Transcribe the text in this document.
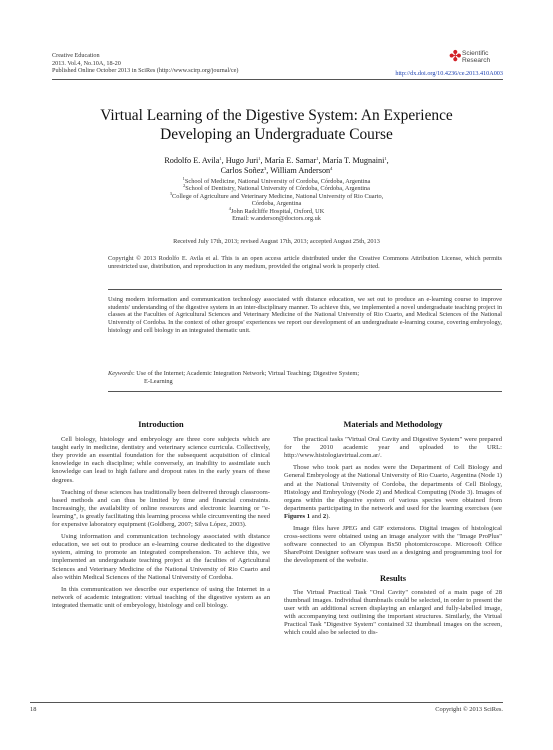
Creative Education
2013. Vol.4, No.10A, 18-20
Published Online October 2013 in SciRes (http://www.scirp.org/journal/ce)
✤ Scientific
Research
http://dx.doi.org/10.4236/ce.2013.410A003
Virtual Learning of the Digestive System: An Experience
Developing an Undergraduate Course
Rodolfo E. Avila$^1$, Hugo Juri$^1$, María E. Samar$^1$, María T. Mugnaini$^1$,
Carlos Soñez$^3$, William Anderson$^4$
$^1$School of Medicine, National University of Cordoba, Córdoba, Argentina
$^2$School of Dentistry, National University of Córdoba, Córdoba, Argentina
$^3$College of Agriculture and Veterinary Medicine, National University of Rio Cuarto,
Córdoba, Argentina
$^4$John Radcliffe Hospital, Oxford, UK
Email: w.anderson@doctors.org.uk
Received July 17th, 2013; revised August 17th, 2013; accepted August 25th, 2013
Copyright © 2013 Rodolfo E. Avila et al. This is an open access article distributed under the Creative Commons Attribution License, which permits unrestricted use, distribution, and reproduction in any medium, provided the original work is properly cited.
Using modern information and communication technology associated with distance education, we set out to produce an e-learning course to improve students' understanding of the digestive system in an inter-disciplinary manner. To achieve this, we implemented a novel undergraduate teaching project in classes at the Faculties of Agricultural Sciences and Veterinary Medicine of the National University of Rio Cuarto, and Medical Sciences of the National University of Cordoba. In the context of other groups' experiences we report our development of an undergraduate e-learning course, covering embryology, histology and cell biology in an integrated thematic unit.
Keywords: Use of the Internet; Academic Integration Network; Virtual Teaching; Digestive System;
E-Learning
Introduction

Cell biology, histology and embryology are three core subjects which are taught early in medicine, dentistry and veterinary science curricula. Collectively, they provide an essential foundation for the subsequent acquisition of clinical knowledge in each discipline; while conversely, an inability to assimilate such knowledge can lead to high failure and dropout rates in the early years of these degrees.

Teaching of these sciences has traditionally been delivered through classroom-based methods and can thus be limited by time and financial constraints. Increasingly, the availability of online resources and electronic learning or "e-learning", is greatly facilitating this learning process while circumventing the need for expensive laboratory equipment (Goldberg, 2007; Silva López, 2003).

Using information and communication technology associated with distance education, we set out to produce an e-learning course dedicated to the digestive system, aiming to promote an integrated comprehension. To achieve this, we implemented an undergraduate teaching project at the faculties of Agricultural Sciences and Veterinary Medicine of the National University of Rio Cuarto and also within Medical Sciences of the National University of Cordoba.

In this communication we describe our experience of using the Internet in a network of academic integration: virtual teaching of the digestive system as an integrated thematic unit of embryology, histology and cell biology.

Materials and Methodology

The practical tasks "Virtual Oral Cavity and Digestive System" were prepared for the 2010 academic year and uploaded to the URL: http://www.histologiavirtual.com.ar/.

Those who took part as nodes were the Department of Cell Biology and General Embryology at the National University of Rio Cuarto, Argentina (Node 1) and at the National University of Cordoba, the departments of Cell Biology, Histology and Embryology (Node 2) and Medical Computing (Node 3). Images of organs within the digestive system of various species were obtained from departments participating in the network and used for the learning exercises (see Figures 1 and 2).

Image files have JPEG and GIF extensions. Digital images of histological cross-sections were obtained using an image analyzer with the "Image ProPlus" software connected to an Olympus Bx50 photomicroscope. Microsoft Office SharePoint Designer software was used as a designing and programming tool for the development of the website.

Results

The Virtual Practical Task "Oral Cavity" consisted of a main page of 28 thumbnail images. Individual thumbnails could be selected, in order to present the user with an additional screen displaying an enlarged and fully-labelled image, with accompanying text outlining the important structures. Similarly, the Virtual Practical Task "Digestive System" contained 32 thumbnail images on the screen, which could also be selected to dis-

18	Copyright © 2013 SciRes.
